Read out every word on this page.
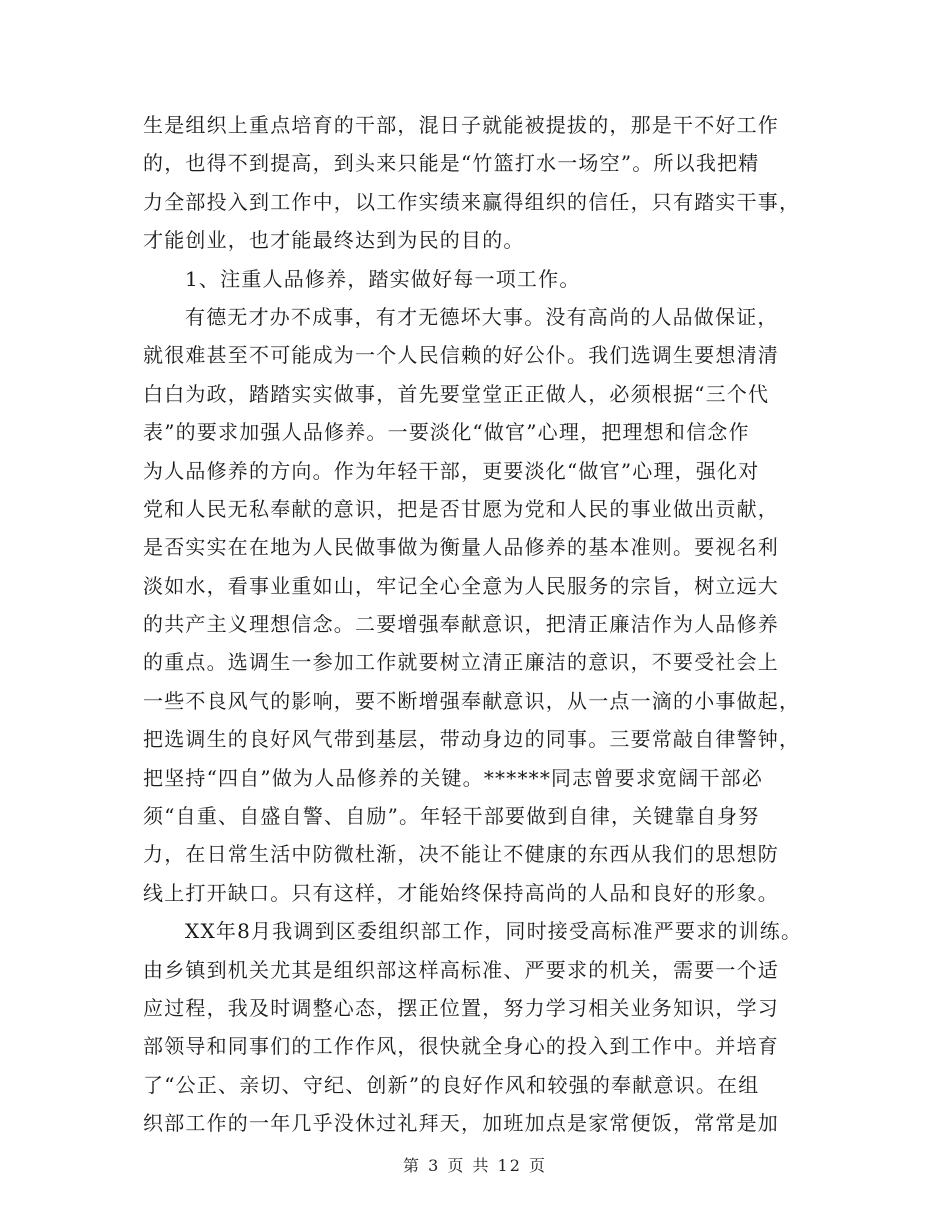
生是组织上重点培育的干部，混日子就能被提拔的，那是干不好工作
的，也得不到提高，到头来只能是“竹篮打水一场空”。所以我把精
力全部投入到工作中，以工作实绩来赢得组织的信任，只有踏实干事，
才能创业，也才能最终达到为民的目的。
1、注重人品修养，踏实做好每一项工作。
有德无才办不成事，有才无德坏大事。没有高尚的人品做保证，
就很难甚至不可能成为一个人民信赖的好公仆。我们选调生要想清清
白白为政，踏踏实实做事，首先要堂堂正正做人，必须根据“三个代
表”的要求加强人品修养。一要淡化“做官”心理，把理想和信念作
为人品修养的方向。作为年轻干部，更要淡化“做官”心理，强化对
党和人民无私奉献的意识，把是否甘愿为党和人民的事业做出贡献，
是否实实在在地为人民做事做为衡量人品修养的基本准则。要视名利
淡如水，看事业重如山，牢记全心全意为人民服务的宗旨，树立远大
的共产主义理想信念。二要增强奉献意识，把清正廉洁作为人品修养
的重点。选调生一参加工作就要树立清正廉洁的意识，不要受社会上
一些不良风气的影响，要不断增强奉献意识，从一点一滴的小事做起，
把选调生的良好风气带到基层，带动身边的同事。三要常敲自律警钟，
把坚持“四自”做为人品修养的关键。******同志曾要求宽阔干部必
须“自重、自盛自警、自励”。年轻干部要做到自律，关键靠自身努
力，在日常生活中防微杜渐，决不能让不健康的东西从我们的思想防
线上打开缺口。只有这样，才能始终保持高尚的人品和良好的形象。
XX年8月我调到区委组织部工作，同时接受高标准严要求的训练。
由乡镇到机关尤其是组织部这样高标准、严要求的机关，需要一个适
应过程，我及时调整心态，摆正位置，努力学习相关业务知识，学习
部领导和同事们的工作作风，很快就全身心的投入到工作中。并培育
了“公正、亲切、守纪、创新”的良好作风和较强的奉献意识。在组
织部工作的一年几乎没休过礼拜天，加班加点是家常便饭，常常是加
第 3 页 共 12 页
